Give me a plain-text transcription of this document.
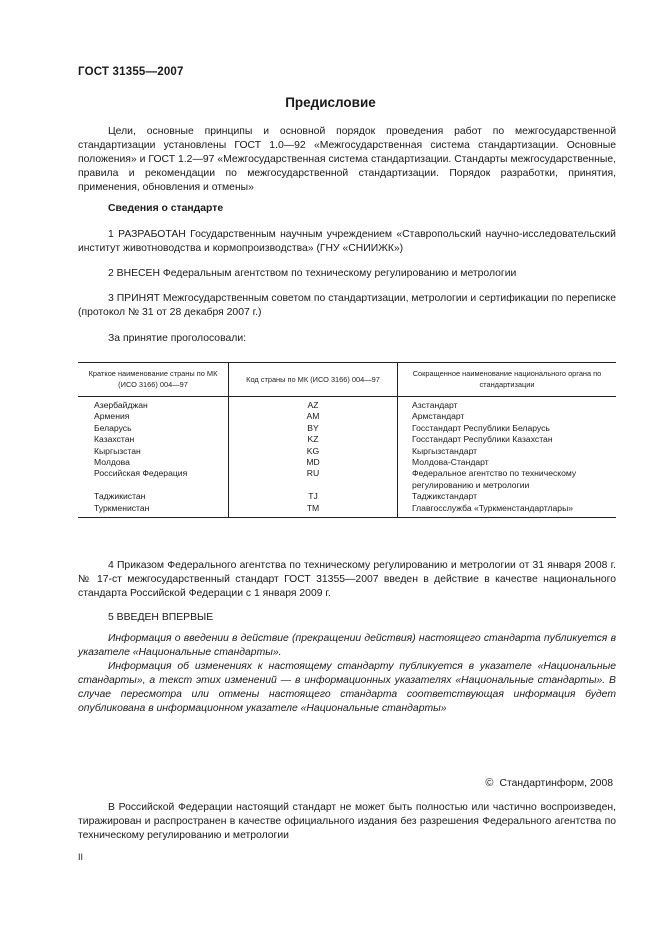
ГОСТ 31355—2007
Предисловие
Цели, основные принципы и основной порядок проведения работ по межгосударственной стандартизации установлены ГОСТ 1.0—92 «Межгосударственная система стандартизации. Основные положения» и ГОСТ 1.2—97 «Межгосударственная система стандартизации. Стандарты межгосударственные, правила и рекомендации по межгосударственной стандартизации. Порядок разработки, принятия, применения, обновления и отмены»
Сведения о стандарте
1 РАЗРАБОТАН Государственным научным учреждением «Ставропольский научно-исследовательский институт животноводства и кормопроизводства» (ГНУ «СНИИЖК»)
2 ВНЕСЕН Федеральным агентством по техническому регулированию и метрологии
3 ПРИНЯТ Межгосударственным советом по стандартизации, метрологии и сертификации по переписке (протокол № 31 от 28 декабря 2007 г.)
За принятие проголосовали:
Краткое наименование страны по МК (ИСО 3166) 004—97	Код страны по МК (ИСО 3166) 004—97	Сокращенное наименование национального органа по стандартизации
Азербайджан	AZ	Азстандарт
Армения	AM	Армстандарт
Беларусь	BY	Госстандарт Республики Беларусь
Казахстан	KZ	Госстандарт Республики Казахстан
Кыргызстан	KG	Кыргызстандарт
Молдова	MD	Молдова-Стандарт
Российская Федерация	RU	Федеральное агентство по техническому регулированию и метрологии
Таджикистан	TJ	Таджикстандарт
Туркменистан	TM	Главгосслужба «Туркменстандартлары»
4 Приказом Федерального агентства по техническому регулированию и метрологии от 31 января 2008 г. № 17-ст межгосударственный стандарт ГОСТ 31355—2007 введен в действие в качестве национального стандарта Российской Федерации с 1 января 2009 г.
5 ВВЕДЕН ВПЕРВЫЕ
Информация о введении в действие (прекращении действия) настоящего стандарта публикуется в указателе «Национальные стандарты».
Информация об изменениях к настоящему стандарту публикуется в указателе «Национальные стандарты», а текст этих изменений — в информационных указателях «Национальные стандарты». В случае пересмотра или отмены настоящего стандарта соответствующая информация будет опубликована в информационном указателе «Национальные стандарты»
© Стандартинформ, 2008
В Российской Федерации настоящий стандарт не может быть полностью или частично воспроизведен, тиражирован и распространен в качестве официального издания без разрешения Федерального агентства по техническому регулированию и метрологии
II
